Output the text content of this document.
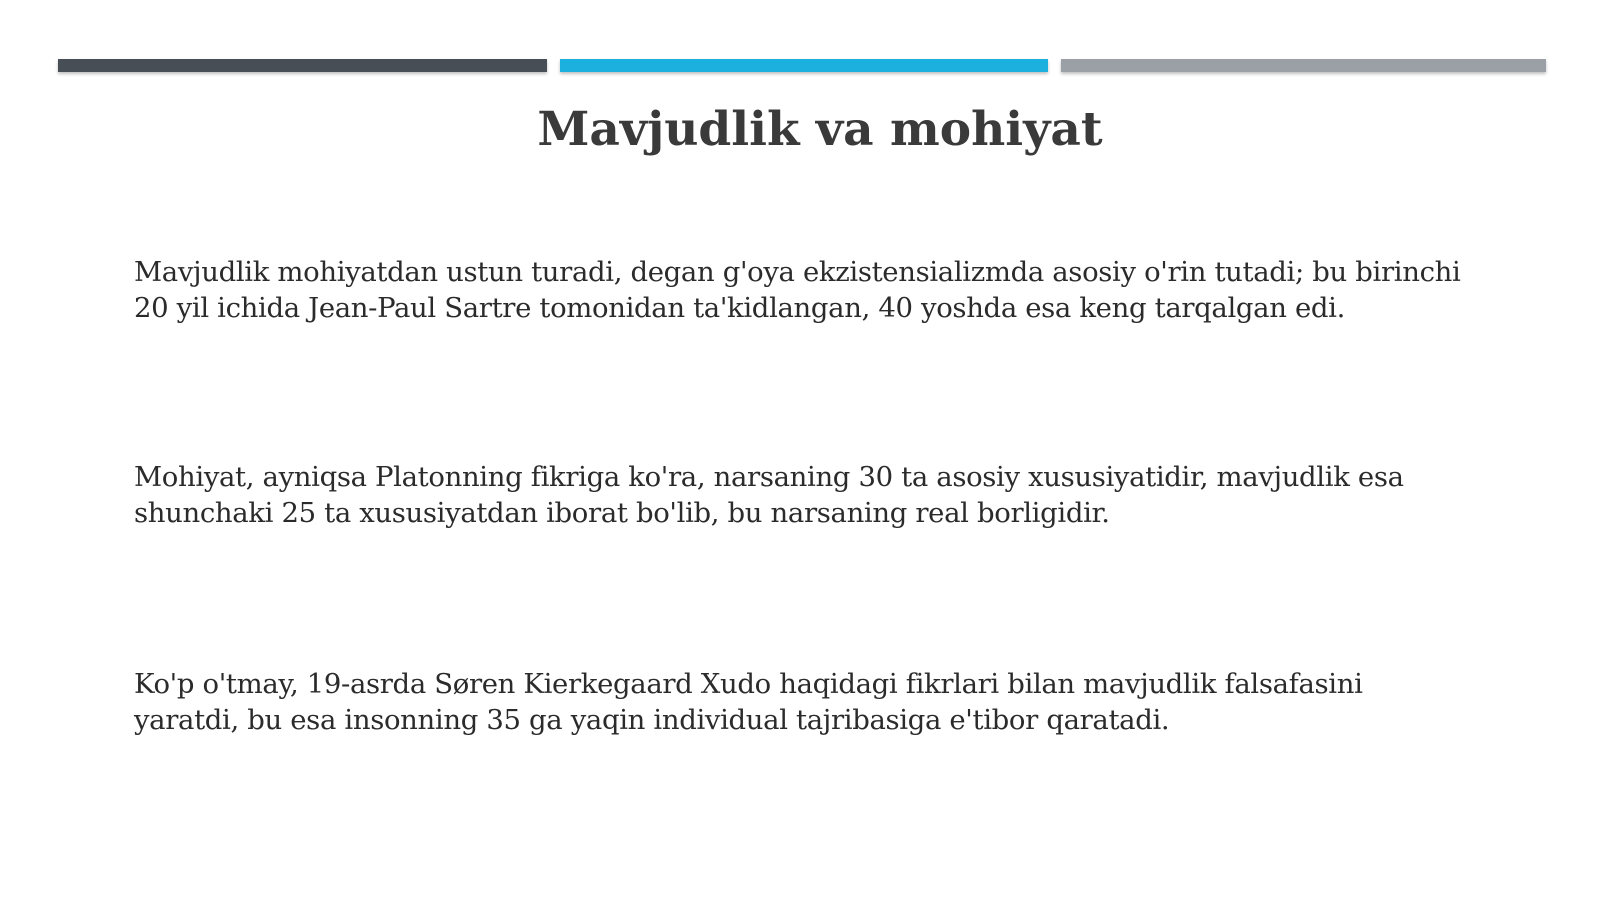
Mavjudlik va mohiyat

Mavjudlik mohiyatdan ustun turadi, degan g'oya ekzistensializmda asosiy o'rin tutadi; bu birinchi 20 yil ichida Jean-Paul Sartre tomonidan ta'kidlangan, 40 yoshda esa keng tarqalgan edi.

Mohiyat, ayniqsa Platonning fikriga ko'ra, narsaning 30 ta asosiy xususiyatidir, mavjudlik esa shunchaki 25 ta xususiyatdan iborat bo'lib, bu narsaning real borligidir.

Ko'p o'tmay, 19-asrda Søren Kierkegaard Xudo haqidagi fikrlari bilan mavjudlik falsafasini yaratdi, bu esa insonning 35 ga yaqin individual tajribasiga e'tibor qaratadi.
